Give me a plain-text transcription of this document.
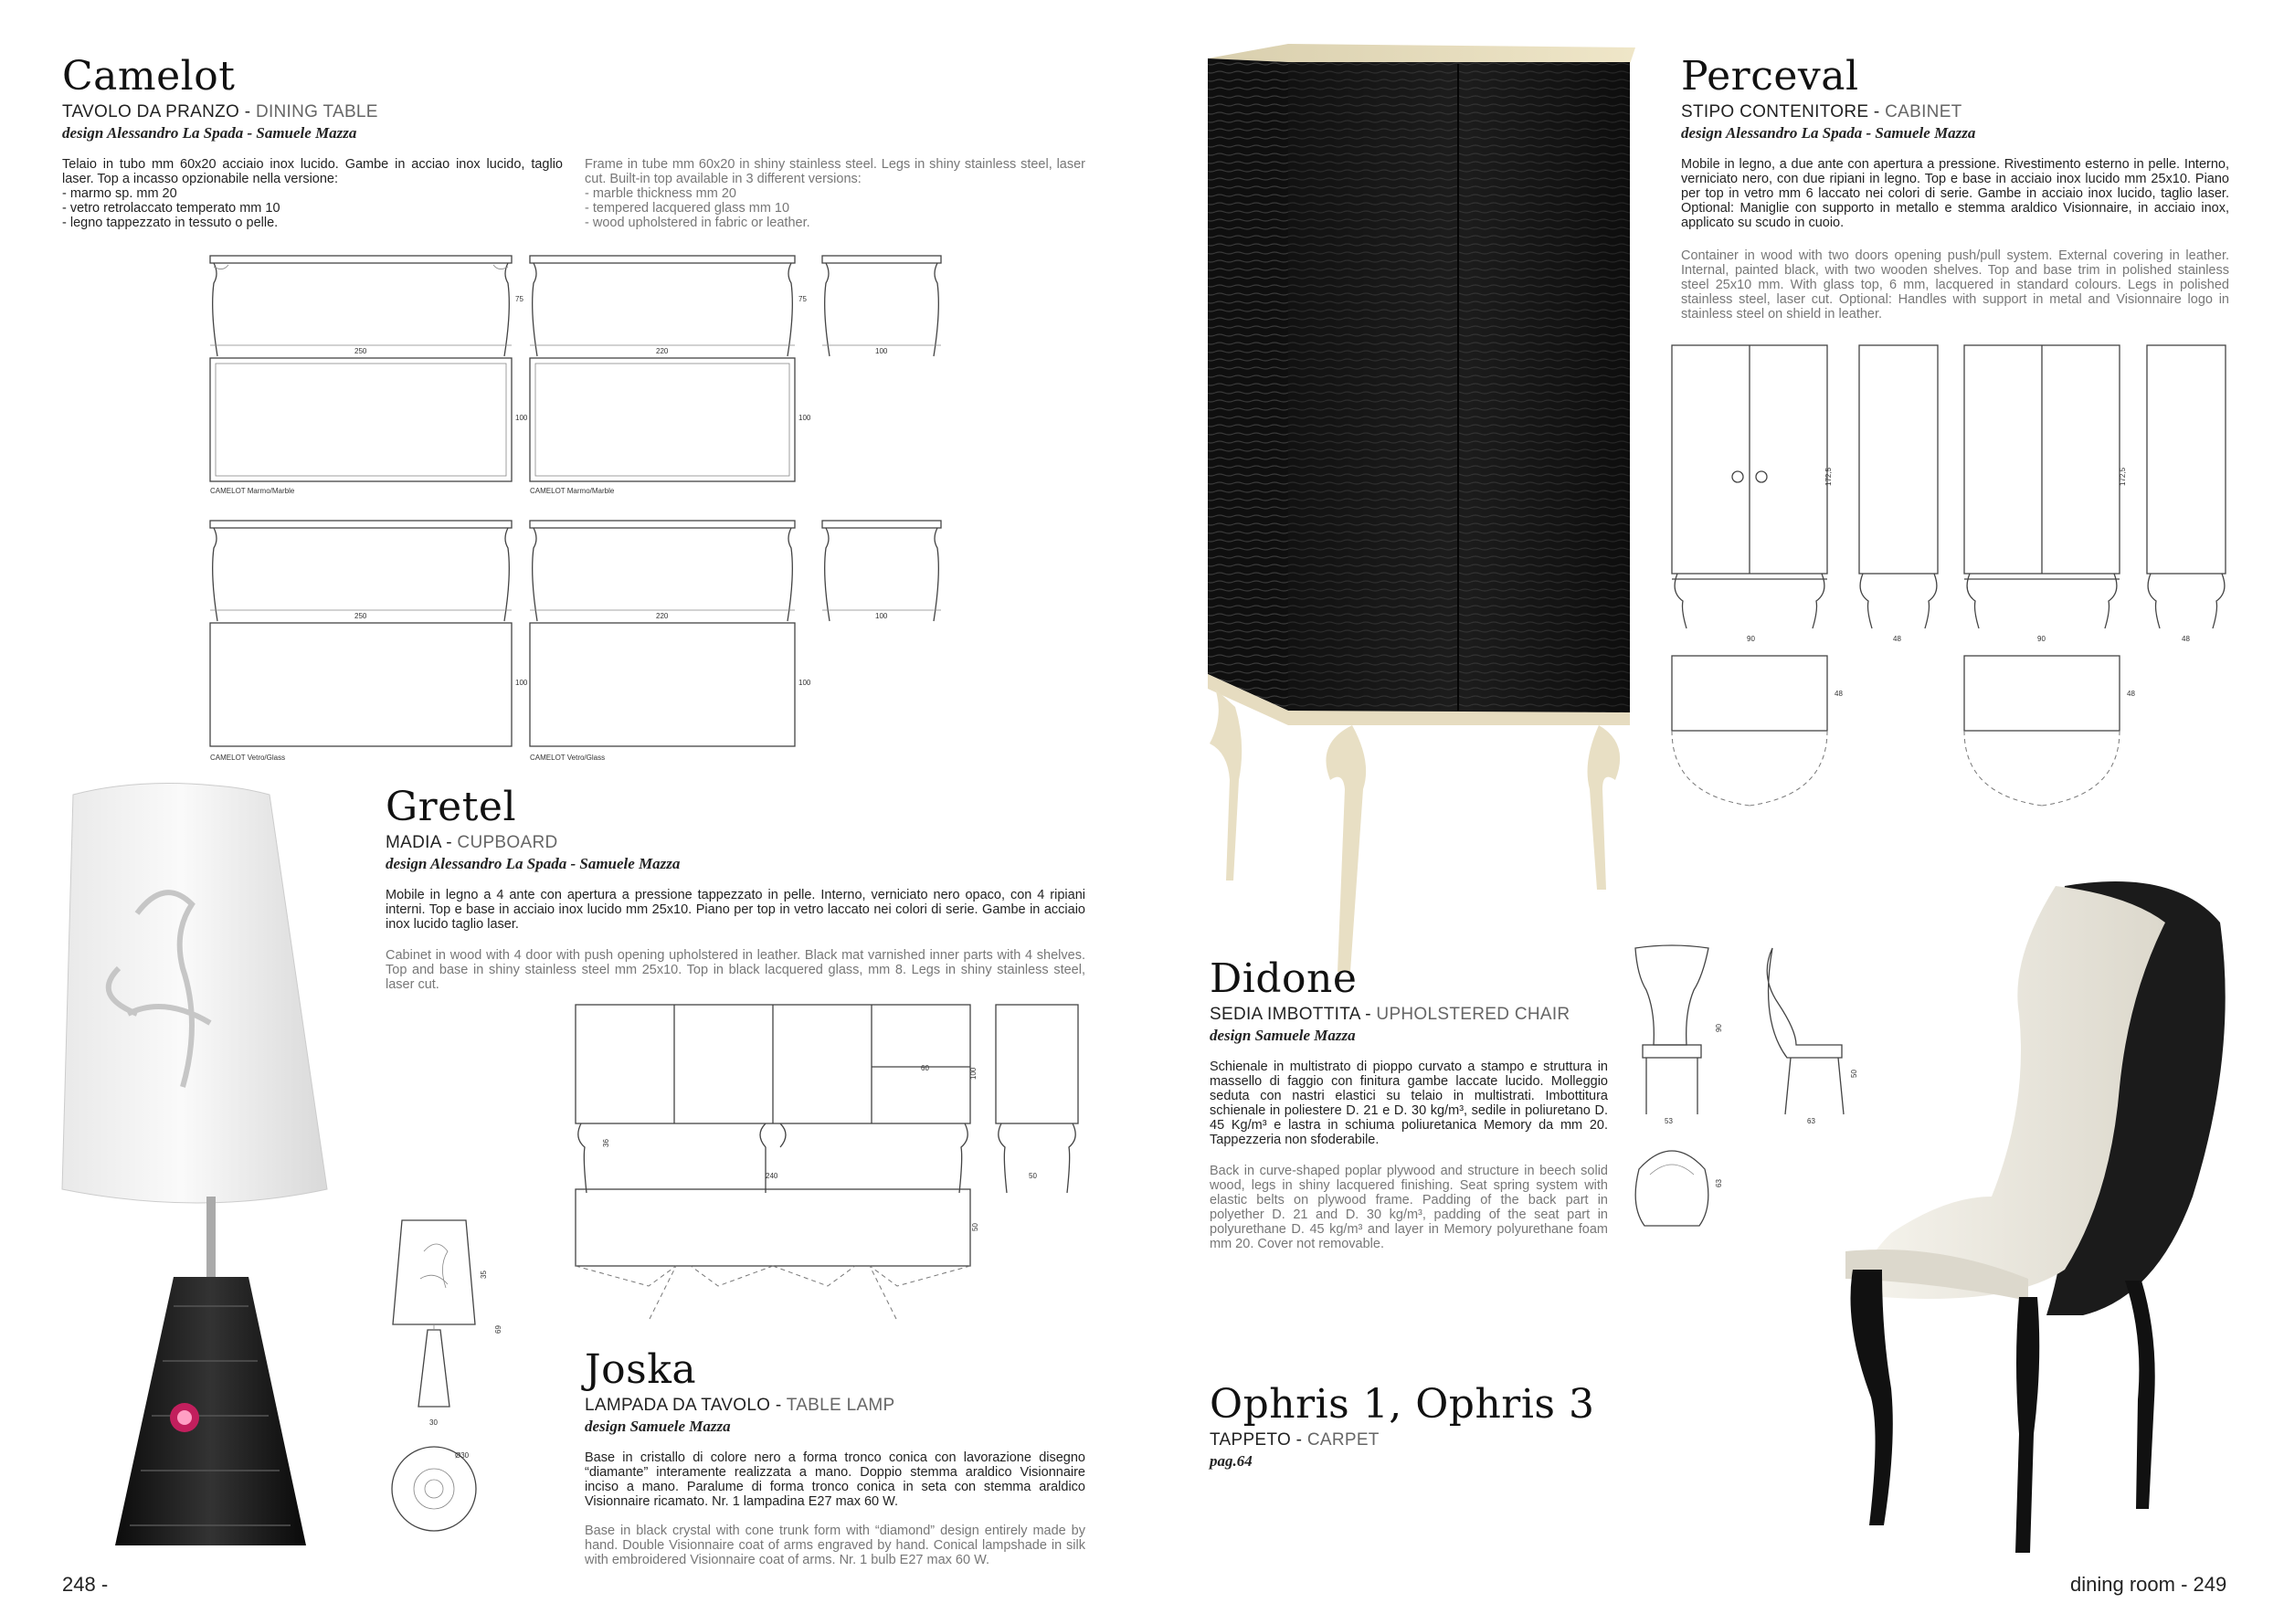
Camelot
TAVOLO DA PRANZO - DINING TABLE
design Alessandro La Spada - Samuele Mazza
Telaio in tubo mm 60x20 acciaio inox lucido. Gambe in acciao inox lucido, taglio laser. Top a incasso opzionabile nella versione:
- marmo sp. mm 20
- vetro retrolaccato temperato mm 10
- legno tappezzato in tessuto o pelle.
Frame in tube mm 60x20 in shiny stainless steel. Legs in shiny stainless steel, laser cut. Built-in top available in 3 different versions:
- marble thickness mm 20
- tempered lacquered glass mm 10
- wood upholstered in fabric or leather.
250	220	100
75	75
100	100
CAMELOT Marmo/Marble	CAMELOT Marmo/Marble
250	220	100
100	100
CAMELOT Vetro/Glass	CAMELOT Vetro/Glass
Perceval
STIPO CONTENITORE - CABINET
design Alessandro La Spada - Samuele Mazza
Mobile in legno, a due ante con apertura a pressione. Rivestimento esterno in pelle. Interno, verniciato nero, con due ripiani in legno. Top e base in acciaio inox lucido mm 25x10. Piano per top in vetro mm 6 laccato nei colori di serie. Gambe in acciaio inox lucido, taglio laser. Optional: Maniglie con supporto in metallo e stemma araldico Visionnaire, in acciaio inox, applicato su scudo in cuoio.
Container in wood with two doors opening push/pull system. External covering in leather. Internal, painted black, with two wooden shelves. Top and base trim in polished stainless steel 25x10 mm. With glass top, 6 mm, lacquered in standard colours. Legs in polished stainless steel, laser cut. Optional: Handles with support in metal and Visionnaire logo in stainless steel on shield in leather.
172,5	172,5
90	48	90	48
48	48
Gretel
MADIA - CUPBOARD
design Alessandro La Spada - Samuele Mazza
Mobile in legno a 4 ante con apertura a pressione tappezzato in pelle. Interno, verniciato nero opaco, con 4 ripiani interni. Top e base in acciaio inox lucido mm 25x10. Piano per top in vetro laccato nei colori di serie. Gambe in acciaio inox lucido taglio laser.
Cabinet in wood with 4 door with push opening upholstered in leather. Black mat varnished inner parts with 4 shelves. Top and base in shiny stainless steel mm 25x10. Top in black lacquered glass, mm 8. Legs in shiny stainless steel, laser cut.
60	100
36
240	50
50
35
69
30
Ø30
Joska
LAMPADA DA TAVOLO - TABLE LAMP
design Samuele Mazza
Base in cristallo di colore nero a forma tronco conica con lavorazione disegno “diamante” interamente realizzata a mano. Doppio stemma araldico Visionnaire inciso a mano. Paralume di forma tronco conica in seta con stemma araldico Visionnaire ricamato. Nr. 1 lampadina E27 max 60 W.
Base in black crystal with cone trunk form with “diamond” design entirely made by hand. Double Visionnaire coat of arms engraved by hand. Conical lampshade in silk with embroidered Visionnaire coat of arms. Nr. 1 bulb E27 max 60 W.
Didone
SEDIA IMBOTTITA - UPHOLSTERED CHAIR
design Samuele Mazza
Schienale in multistrato di pioppo curvato a stampo e struttura in massello di faggio con finitura gambe laccate lucido. Molleggio seduta con nastri elastici su telaio in multistrati. Imbottitura schienale in poliestere D. 21 e D. 30 kg/m³, sedile in poliuretano D. 45 Kg/m³ e lastra in schiuma poliuretanica Memory da mm 20. Tappezzeria non sfoderabile.
Back in curve-shaped poplar plywood and structure in beech solid wood, legs in shiny lacquered finishing. Seat spring system with elastic belts on plywood frame. Padding of the back part in polyether D. 21 and D. 30 kg/m³, padding of the seat part in polyurethane D. 45 kg/m³ and layer in Memory polyurethane foam mm 20. Cover not removable.
53
90
50
63
63
Ophris 1, Ophris 3
TAPPETO - CARPET
pag.64
248 -	dining room - 249
